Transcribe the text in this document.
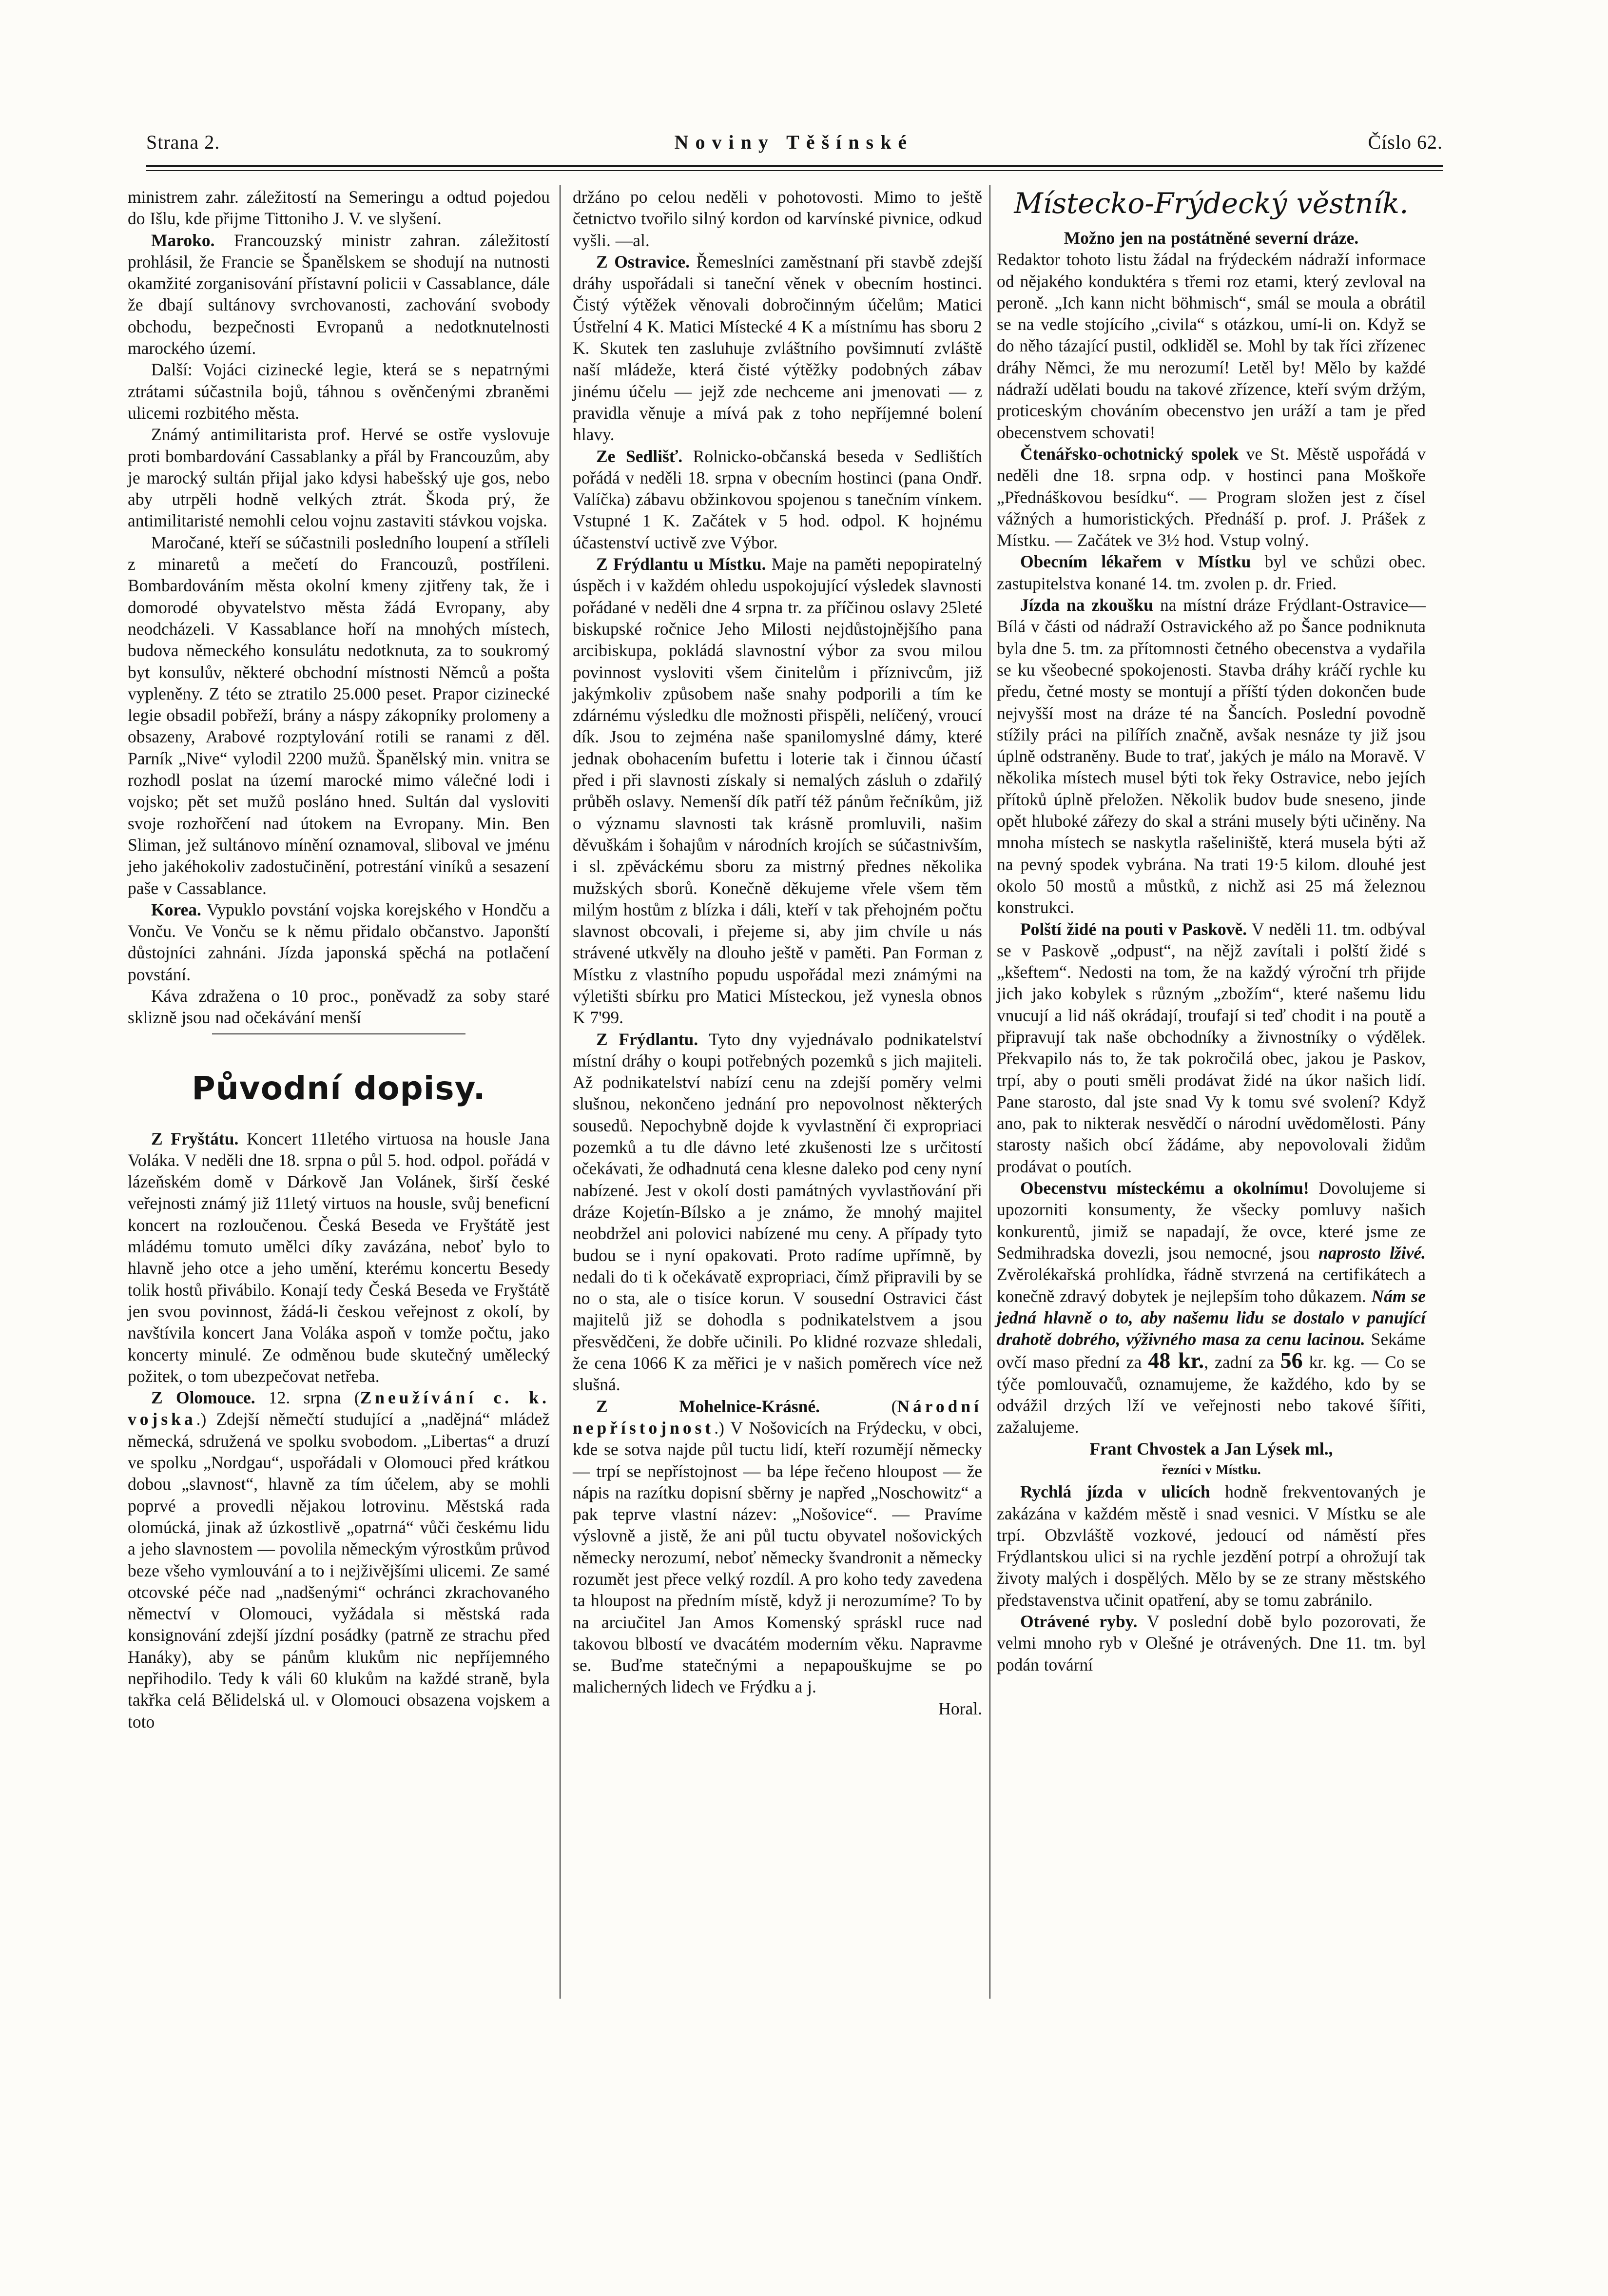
Strana 2.	Noviny Těšínské	Číslo 62.

ministrem zahr. záležitostí na Semeringu a odtud pojedou do Išlu, kde přijme Tittoniho J. V. ve slyšení.

Maroko. Francouzský ministr zahran. záležitostí prohlásil, že Francie se Španělskem se shodují na nutnosti okamžité zorganisování přístavní policii v Cassablance, dále že dbají sultánovy svrchovanosti, zachování svobody obchodu, bezpečnosti Evropanů a nedotknutelnosti marockého území.

Další: Vojáci cizinecké legie, která se s nepatrnými ztrátami súčastnila bojů, táhnou s ověnčenými zbraněmi ulicemi rozbitého města.

Známý antimilitarista prof. Hervé se ostře vyslovuje proti bombardování Cassablanky a přál by Francouzům, aby je marocký sultán přijal jako kdysi habešský uje gos, nebo aby utrpěli hodně velkých ztrát. Škoda prý, že antimilitaristé nemohli celou vojnu zastaviti stávkou vojska.

Maročané, kteří se súčastnili posledního loupení a stříleli z minaretů a mečetí do Francouzů, postříleni. Bombardováním města okolní kmeny zjitřeny tak, že i domorodé obyvatelstvo města žádá Evropany, aby neodcházeli. V Kassablance hoří na mnohých místech, budova německého konsulátu nedotknuta, za to soukromý byt konsulův, některé obchodní místnosti Němců a pošta vypleněny. Z této se ztratilo 25.000 peset. Prapor cizinecké legie obsadil pobřeží, brány a náspy zákopníky prolomeny a obsazeny, Arabové rozptylování rotili se ranami z děl. Parník „Nive“ vylodil 2200 mužů. Španělský min. vnitra se rozhodl poslat na území marocké mimo válečné lodi i vojsko; pět set mužů posláno hned. Sultán dal vysloviti svoje rozhořčení nad útokem na Evropany. Min. Ben Sliman, jež sultánovo mínění oznamoval, sliboval ve jménu jeho jakéhokoliv zadostučinění, potrestání viníků a sesazení paše v Cassablance.

Korea. Vypuklo povstání vojska korejského v Hondču a Vonču. Ve Vonču se k němu přidalo občanstvo. Japonští důstojníci zahnáni. Jízda japonská spěchá na potlačení povstání.

Káva zdražena o 10 proc., poněvadž za soby staré sklizně jsou nad očekávání menší

Původní dopisy.

Z Fryštátu. Koncert 11letého virtuosa na housle Jana Voláka. V neděli dne 18. srpna o půl 5. hod. odpol. pořádá v lázeňském domě v Dárkově Jan Volánek, širší české veřejnosti známý již 11letý virtuos na housle, svůj beneficní koncert na rozloučenou. Česká Beseda ve Fryštátě jest mládému tomuto umělci díky zavázána, neboť bylo to hlavně jeho otce a jeho umění, kterému koncertu Besedy tolik hostů přivábilo. Konají tedy Česká Beseda ve Fryštátě jen svou povinnost, žádá-li českou veřejnost z okolí, by navštívila koncert Jana Voláka aspoň v tomže počtu, jako koncerty minulé. Ze odměnou bude skutečný umělecký požitek, o tom ubezpečovat netřeba.

Z Olomouce. 12. srpna (Zneužívání c. k. vojska.) Zdejší němečtí studující a „nadějná“ mládež německá, sdružená ve spolku svobodom. „Libertas“ a druzí ve spolku „Nordgau“, uspořádali v Olomouci před krátkou dobou „slavnost“, hlavně za tím účelem, aby se mohli poprvé a provedli nějakou lotrovinu. Městská rada olomúcká, jinak až úzkostlivě „opatrná“ vůči českému lidu a jeho slavnostem — povolila německým výrostkům průvod beze všeho vymlouvání a to i nejživějšími ulicemi. Ze samé otcovské péče nad „nadšenými“ ochránci zkrachovaného němectví v Olomouci, vyžádala si městská rada konsignování zdejší jízdní posádky (patrně ze strachu před Hanáky), aby se pánům klukům nic nepříjemného nepřihodilo. Tedy k váli 60 klukům na každé straně, byla takřka celá Bělidelská ul. v Olomouci obsazena vojskem a toto

držáno po celou neděli v pohotovosti. Mimo to ještě četnictvo tvořilo silný kordon od karvínské pivnice, odkud vyšli. —al.

Z Ostravice. Řemeslníci zaměstnaní při stavbě zdejší dráhy uspořádali si taneční věnek v obecním hostinci. Čistý výtěžek věnovali dobročinným účelům; Matici Ústřelní 4 K. Matici Místecké 4 K a místnímu has sboru 2 K. Skutek ten zasluhuje zvláštního povšimnutí zvláště naší mládeže, která čisté výtěžky podobných zábav jinému účelu — jejž zde nechceme ani jmenovati — z pravidla věnuje a mívá pak z toho nepříjemné bolení hlavy.

Ze Sedlišť. Rolnicko-občanská beseda v Sedlištích pořádá v neděli 18. srpna v obecním hostinci (pana Ondř. Valíčka) zábavu obžinkovou spojenou s tanečním vínkem. Vstupné 1 K. Začátek v 5 hod. odpol. K hojnému účastenství uctivě zve Výbor.

Z Frýdlantu u Místku. Maje na paměti nepopiratelný úspěch i v každém ohledu uspokojující výsledek slavnosti pořádané v neděli dne 4 srpna tr. za příčinou oslavy 25leté biskupské ročnice Jeho Milosti nejdůstojnějšího pana arcibiskupa, pokládá slavnostní výbor za svou milou povinnost vysloviti všem činitelům i příznivcům, již jakýmkoliv způsobem naše snahy podporili a tím ke zdárnému výsledku dle možnosti přispěli, nelíčený, vroucí dík. Jsou to zejména naše spanilomyslné dámy, které jednak obohacením bufettu i loterie tak i činnou účastí před i při slavnosti získaly si nemalých zásluh o zdařilý průběh oslavy. Nemenší dík patří též pánům řečníkům, již o významu slavnosti tak krásně promluvili, našim děvuškám i šohajům v národních krojích se súčastnivším, i sl. zpěváckému sboru za mistrný přednes několika mužských sborů. Konečně děkujeme vřele všem těm milým hostům z blízka i dáli, kteří v tak přehojném počtu slavnost obcovali, i přejeme si, aby jim chvíle u nás strávené utkvěly na dlouho ještě v paměti. Pan Forman z Místku z vlastního popudu uspořádal mezi známými na výletišti sbírku pro Matici Místeckou, jež vynesla obnos K 7'99.

Z Frýdlantu. Tyto dny vyjednávalo podnikatelství místní dráhy o koupi potřebných pozemků s jich majiteli. Až podnikatelství nabízí cenu na zdejší poměry velmi slušnou, nekončeno jednání pro nepovolnost některých sousedů. Nepochybně dojde k vyvlastnění či expropriaci pozemků a tu dle dávno leté zkušenosti lze s určitostí očekávati, že odhadnutá cena klesne daleko pod ceny nyní nabízené. Jest v okolí dosti památných vyvlastňování při dráze Kojetín-Bílsko a je známo, že mnohý majitel neobdržel ani polovici nabízené mu ceny. A případy tyto budou se i nyní opakovati. Proto radíme upřímně, by nedali do ti k očekávatě expropriaci, čímž připravili by se no o sta, ale o tisíce korun. V sousední Ostravici část majitelů již se dohodla s podnikatelstvem a jsou přesvědčeni, že dobře učinili. Po klidné rozvaze shledali, že cena 1066 K za měřici je v našich poměrech více než slušná.

Z Mohelnice-Krásné. (Národní nepřístojnost.) V Nošovicích na Frýdecku, v obci, kde se sotva najde půl tuctu lidí, kteří rozumějí německy — trpí se nepřístojnost — ba lépe řečeno hloupost — že nápis na razítku dopisní sběrny je napřed „Noschowitz“ a pak teprve vlastní název: „Nošovice“. — Pravíme výslovně a jistě, že ani půl tuctu obyvatel nošovických německy nerozumí, neboť německy švandronit a německy rozumět jest přece velký rozdíl. A pro koho tedy zavedena ta hloupost na předním místě, když ji nerozumíme? To by na arciučitel Jan Amos Komenský spráskl ruce nad takovou blbostí ve dvacátém moderním věku. Napravme se. Buďme statečnými a nepapouškujme se po malicherných lidech ve Frýdku a j.

Horal.

Místecko-Frýdecký věstník.

Možno jen na postátněné severní dráze.

Redaktor tohoto listu žádal na frýdeckém nádraží informace od nějakého konduktéra s třemi roz etami, který zevloval na peroně. „Ich kann nicht böhmisch“, smál se moula a obrátil se na vedle stojícího „civila“ s otázkou, umí-li on. Když se do něho tázající pustil, odkliděl se. Mohl by tak říci zřízenec dráhy Němci, že mu nerozumí! Letěl by! Mělo by každé nádraží udělati boudu na takové zřízence, kteří svým držým, proticeským chováním obecenstvo jen uráží a tam je před obecenstvem schovati!

Čtenářsko-ochotnický spolek ve St. Městě uspořádá v neděli dne 18. srpna odp. v hostinci pana Moškoře „Přednáškovou besídku“. — Program složen jest z čísel vážných a humoristických. Přednáší p. prof. J. Prášek z Místku. — Začátek ve 3½ hod. Vstup volný.

Obecním lékařem v Místku byl ve schůzi obec. zastupitelstva konané 14. tm. zvolen p. dr. Fried.

Jízda na zkoušku na místní dráze Frýdlant-Ostravice—Bílá v části od nádraží Ostravického až po Šance podniknuta byla dne 5. tm. za přítomnosti četného obecenstva a vydařila se ku všeobecné spokojenosti. Stavba dráhy kráčí rychle ku předu, četné mosty se montují a příští týden dokončen bude nejvyšší most na dráze té na Šancích. Poslední povodně stížily práci na pilířích značně, avšak nesnáze ty již jsou úplně odstraněny. Bude to trať, jakých je málo na Moravě. V několika místech musel býti tok řeky Ostravice, nebo jejích přítoků úplně přeložen. Několik budov bude sneseno, jinde opět hluboké zářezy do skal a stráni musely býti učiněny. Na mnoha místech se naskytla rašeliniště, která musela býti až na pevný spodek vybrána. Na trati 19·5 kilom. dlouhé jest okolo 50 mostů a můstků, z nichž asi 25 má železnou konstrukci.

Polští židé na pouti v Paskově. V neděli 11. tm. odbýval se v Paskově „odpust“, na nějž zavítali i polští židé s „kšeftem“. Nedosti na tom, že na každý výroční trh přijde jich jako kobylek s různým „zbožím“, které našemu lidu vnucují a lid náš okrádají, troufají si teď chodit i na poutě a připravují tak naše obchodníky a živnostníky o výdělek. Překvapilo nás to, že tak pokročilá obec, jakou je Paskov, trpí, aby o pouti směli prodávat židé na úkor našich lidí. Pane starosto, dal jste snad Vy k tomu své svolení? Když ano, pak to nikterak nesvědčí o národní uvědomělosti. Pány starosty našich obcí žádáme, aby nepovolovali židům prodávat o poutích.

Obecenstvu místeckému a okolnímu! Dovolujeme si upozorniti konsumenty, že všecky pomluvy našich konkurentů, jimiž se napadají, že ovce, které jsme ze Sedmihradska dovezli, jsou nemocné, jsou naprosto lživé. Zvěrolékařská prohlídka, řádně stvrzená na certifikátech a konečně zdravý dobytek je nejlepším toho důkazem. Nám se jedná hlavně o to, aby našemu lidu se dostalo v panující drahotě dobrého, výživného masa za cenu lacinou. Sekáme ovčí maso přední za 48 kr., zadní za 56 kr. kg. — Co se týče pomlouvačů, oznamujeme, že každého, kdo by se odvážil drzých lží ve veřejnosti nebo takové šířiti, zažalujeme.

Frant Chvostek a Jan Lýsek ml.,

řezníci v Místku.

Rychlá jízda v ulicích hodně frekventovaných je zakázána v každém městě i snad vesnici. V Místku se ale trpí. Obzvláště vozkové, jedoucí od náměstí přes Frýdlantskou ulici si na rychle jezdění potrpí a ohrožují tak životy malých i dospělých. Mělo by se ze strany městského představenstva učinit opatření, aby se tomu zabránilo.

Otrávené ryby. V poslední době bylo pozorovati, že velmi mnoho ryb v Olešné je otrávených. Dne 11. tm. byl podán tovární
